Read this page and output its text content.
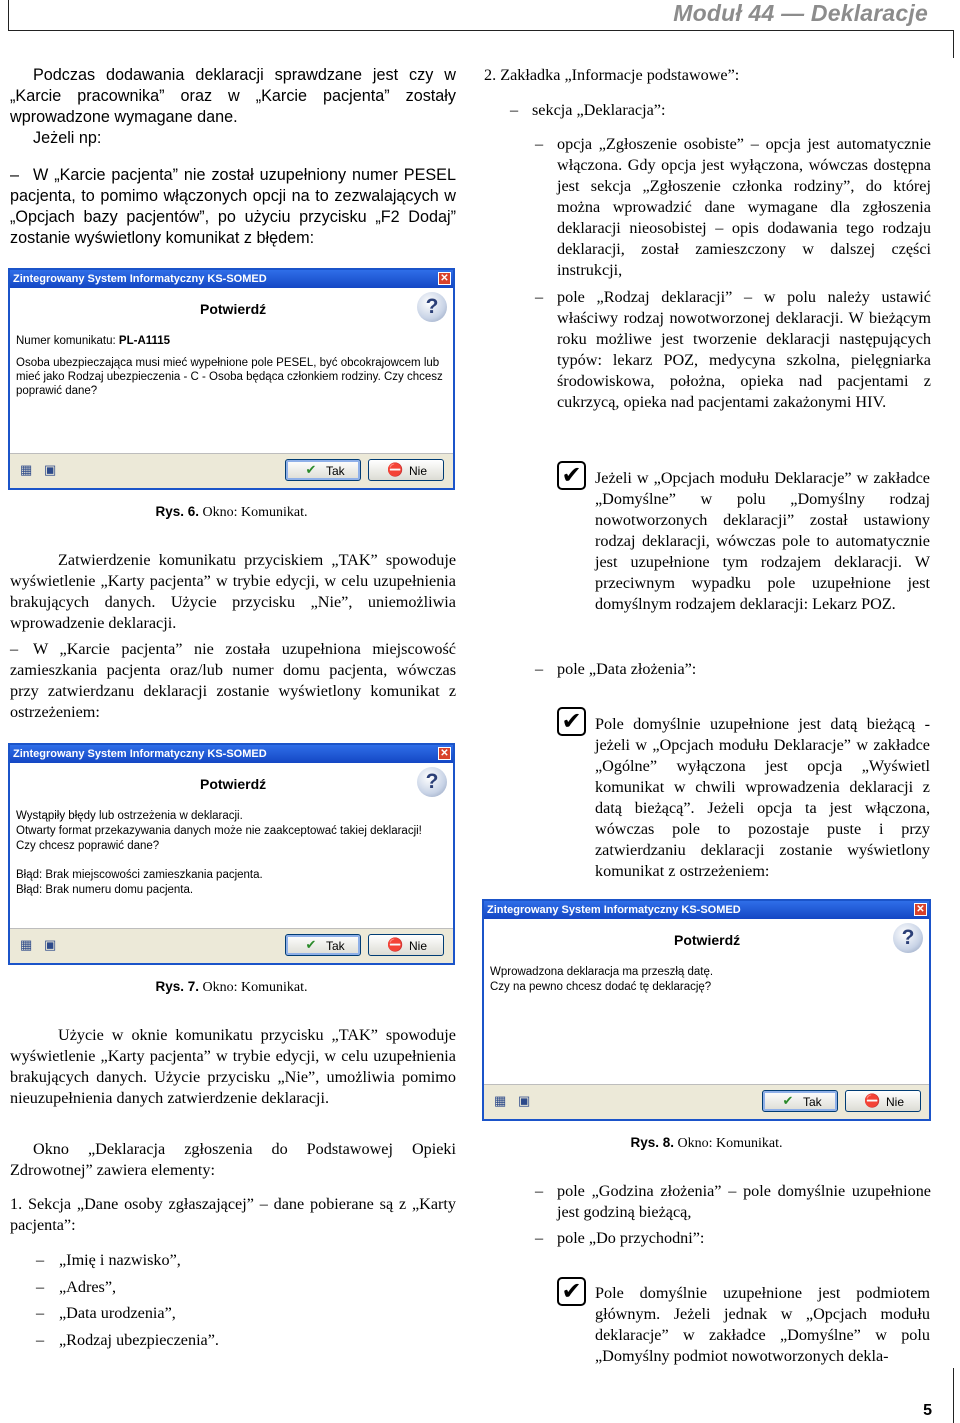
Moduł 44 — Deklaracje
Podczas dodawania deklaracji sprawdzane jest czy w „Karcie pracownika” oraz w „Karcie pacjenta” zostały wprowadzone wymagane dane.
Jeżeli np:
– W „Karcie pacjenta” nie został uzupełniony numer PESEL pacjenta, to pomimo włączonych opcji na to zezwalających w „Opcjach bazy pacjentów”, po użyciu przycisku „F2 Dodaj” zostanie wyświetlony komunikat z błędem:
Zintegrowany System Informatyczny KS-SOMED	✕
Potwierdź	?
Numer komunikatu: PL-A1115
Osoba ubezpieczająca musi mieć wypełnione pole PESEL, być obcokrajowcem lub mieć jako Rodzaj ubezpieczenia - C - Osoba będąca członkiem rodziny. Czy chcesz poprawić dane?
▦ ▣	✔ Tak	⛔ Nie
Rys. 6. Okno: Komunikat.
Zatwierdzenie komunikatu przyciskiem „TAK” spowoduje wyświetlenie „Karty pacjenta” w trybie edycji, w celu uzupełnienia brakujących danych. Użycie przycisku „Nie”, uniemożliwia wprowadzenie deklaracji.
– W „Karcie pacjenta” nie została uzupełniona miejscowość zamieszkania pacjenta oraz/lub numer domu pacjenta, wówczas przy zatwierdzanu deklaracji zostanie wyświetlony komunikat z ostrzeżeniem:
Zintegrowany System Informatyczny KS-SOMED	✕
Potwierdź	?
Wystąpiły błędy lub ostrzeżenia w deklaracji.
Otwarty format przekazywania danych może nie zaakceptować takiej deklaracji!
Czy chcesz poprawić dane?
Błąd: Brak miejscowości zamieszkania pacjenta.
Błąd: Brak numeru domu pacjenta.
▦ ▣	✔ Tak	⛔ Nie
Rys. 7. Okno: Komunikat.
Użycie w oknie komunikatu przycisku „TAK” spowoduje wyświetlenie „Karty pacjenta” w trybie edycji, w celu uzupełnienia brakujących danych. Użycie przycisku „Nie”, umożliwia pomimo nieuzupełnienia danych zatwierdzenie deklaracji.
Okno „Deklaracja zgłoszenia do Podstawowej Opieki Zdrowotnej” zawiera elementy:
1. Sekcja „Dane osoby zgłaszającej” – dane pobierane są z „Karty pacjenta”:
– „Imię i nazwisko”,
– „Adres”,
– „Data urodzenia”,
– „Rodzaj ubezpieczenia”.
2. Zakładka „Informacje podstawowe”:
– sekcja „Deklaracja”:
– opcja „Zgłoszenie osobiste” – opcja jest automatycznie włączona. Gdy opcja jest wyłączona, wówczas dostępna jest sekcja „Zgłoszenie członka rodziny”, do której można wprowadzić dane wymagane dla zgłoszenia deklaracji nieosobistej – opis dodawania tego rodzaju deklaracji, został zamieszczony w dalszej części instrukcji,
– pole „Rodzaj deklaracji” – w polu należy ustawić właściwy rodzaj nowotworzonej deklaracji. W bieżącym roku możliwe jest tworzenie deklaracji następujących typów: lekarz POZ, medycyna szkolna, pielęgniarka środowiskowa, położna, opieka nad pacjentami z cukrzycą, opieka nad pacjentami zakażonymi HIV.
✔ Jeżeli w „Opcjach modułu Deklaracje” w zakładce „Domyślne” w polu „Domyślny rodzaj nowotworzonych deklaracji” został ustawiony rodzaj deklaracji, wówczas pole to automatycznie jest uzupełnione tym rodzajem deklaracji. W przeciwnym wypadku pole uzupełnione jest domyślnym rodzajem deklaracji: Lekarz POZ.
– pole „Data złożenia”:
✔ Pole domyślnie uzupełnione jest datą bieżącą - jeżeli w „Opcjach modułu Deklaracje” w zakładce „Ogólne” wyłączona jest opcja „Wyświetl komunikat w chwili wprowadzenia deklaracji z datą bieżącą”. Jeżeli opcja ta jest włączona, wówczas pole to pozostaje puste i przy zatwierdzaniu deklaracji zostanie wyświetlony komunikat z ostrzeżeniem:
Zintegrowany System Informatyczny KS-SOMED	✕
Potwierdź	?
Wprowadzona deklaracja ma przeszłą datę.
Czy na pewno chcesz dodać tę deklarację?
▦ ▣	✔ Tak	⛔ Nie
Rys. 8. Okno: Komunikat.
– pole „Godzina złożenia” – pole domyślnie uzupełnione jest godziną bieżącą,
– pole „Do przychodni”:
✔ Pole domyślnie uzupełnione jest podmiotem głównym. Jeżeli jednak w „Opcjach modułu deklaracje” w zakładce „Domyślne” w polu „Domyślny podmiot nowotworzonych dekla-
5
